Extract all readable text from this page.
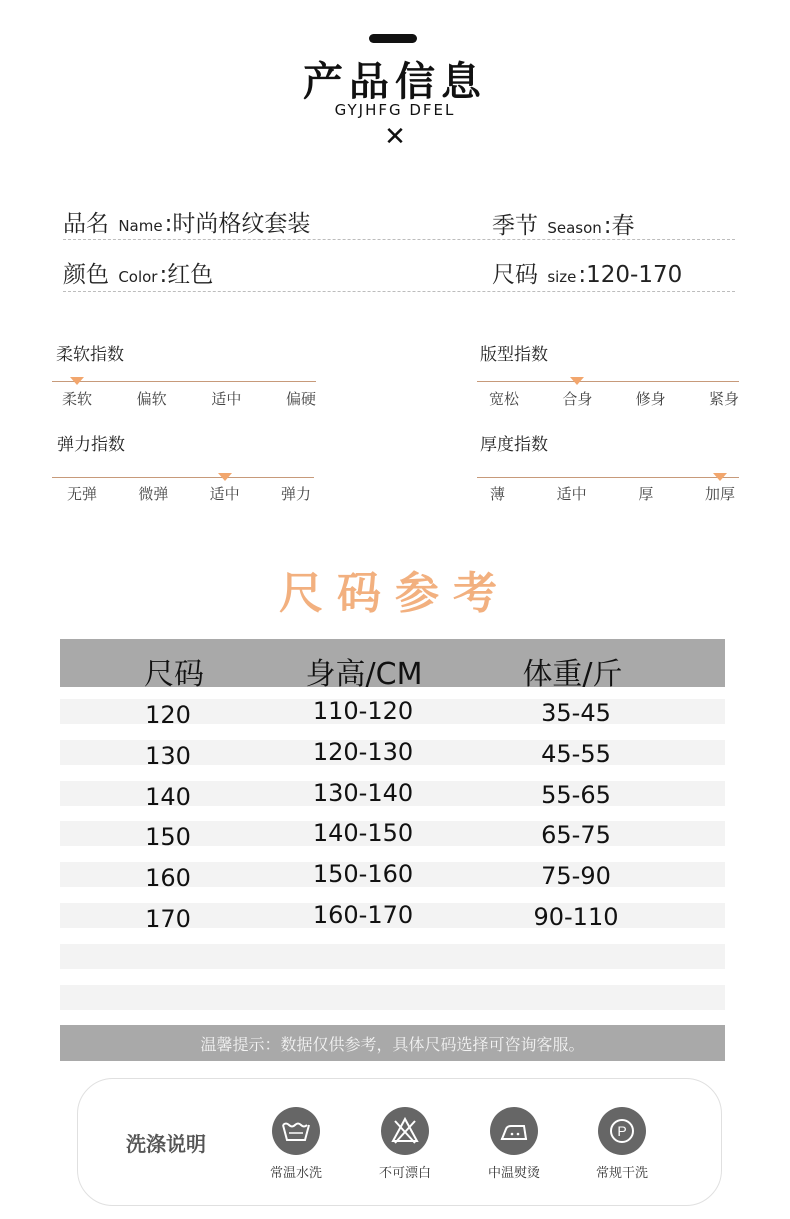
产品信息
GYJHFG DFEL
✕
品名 Name:时尚格纹套装	季节 Season:春
颜色 Color:红色	尺码 size:120-170
柔软指数
柔软	偏软	适中	偏硬
版型指数
宽松	合身	修身	紧身
弹力指数
无弹	微弹	适中	弹力
厚度指数
薄	适中	厚	加厚
尺码参考
尺码	身高/CM	体重/斤
120	110-120	35-45
130	120-130	45-55
140	130-140	55-65
150	140-150	65-75
160	150-160	75-90
170	160-170	90-110
温馨提示：数据仅供参考，具体尺码选择可咨询客服。
洗涤说明
常温水洗	不可漂白	中温熨烫
P
常规干洗
